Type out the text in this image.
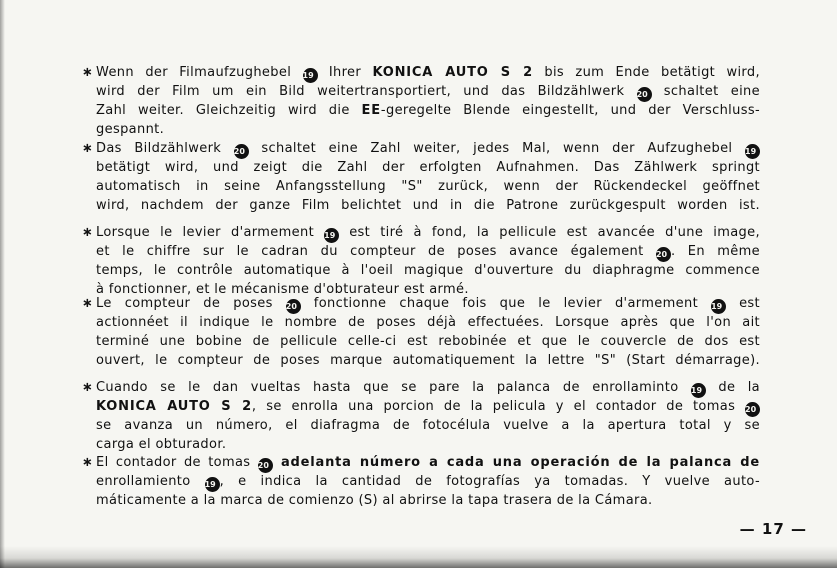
∗ Wenn der Filmaufzughebel 19 Ihrer KONICA AUTO S 2 bis zum Ende betätigt wird,
wird der Film um ein Bild weitertransportiert, und das Bildzählwerk 20 schaltet eine
Zahl weiter. Gleichzeitig wird die EE-geregelte Blende eingestellt, und der Verschluss-
gespannt.
∗ Das Bildzählwerk 20 schaltet eine Zahl weiter, jedes Mal, wenn der Aufzughebel 19
betätigt wird, und zeigt die Zahl der erfolgten Aufnahmen. Das Zählwerk springt
automatisch in seine Anfangsstellung "S" zurück, wenn der Rückendeckel geöffnet
wird, nachdem der ganze Film belichtet und in die Patrone zurückgespult worden ist.
∗ Lorsque le levier d'armement 19 est tiré à fond, la pellicule est avancée d'une image,
et le chiffre sur le cadran du compteur de poses avance également 20 . En même
temps, le contrôle automatique à l'oeil magique d'ouverture du diaphragme commence
à fonctionner, et le mécanisme d'obturateur est armé.
∗ Le compteur de poses 20 fonctionne chaque fois que le levier d'armement 19 est
actionnéet il indique le nombre de poses déjà effectuées. Lorsque après que l'on ait
terminé une bobine de pellicule celle-ci est rebobinée et que le couvercle de dos est
ouvert, le compteur de poses marque automatiquement la lettre "S" (Start démarrage).
∗ Cuando se le dan vueltas hasta que se pare la palanca de enrollaminto 19 de la
KONICA AUTO S 2, se enrolla una porcion de la pelicula y el contador de tomas 20
se avanza un número, el diafragma de fotocélula vuelve a la apertura total y se
carga el obturador.
∗ El contador de tomas 20 adelanta número a cada una operación de la palanca de
enrollamiento 19 , e indica la cantidad de fotografías ya tomadas. Y vuelve auto-
máticamente a la marca de comienzo (S) al abrirse la tapa trasera de la Cámara.
— 17 —
